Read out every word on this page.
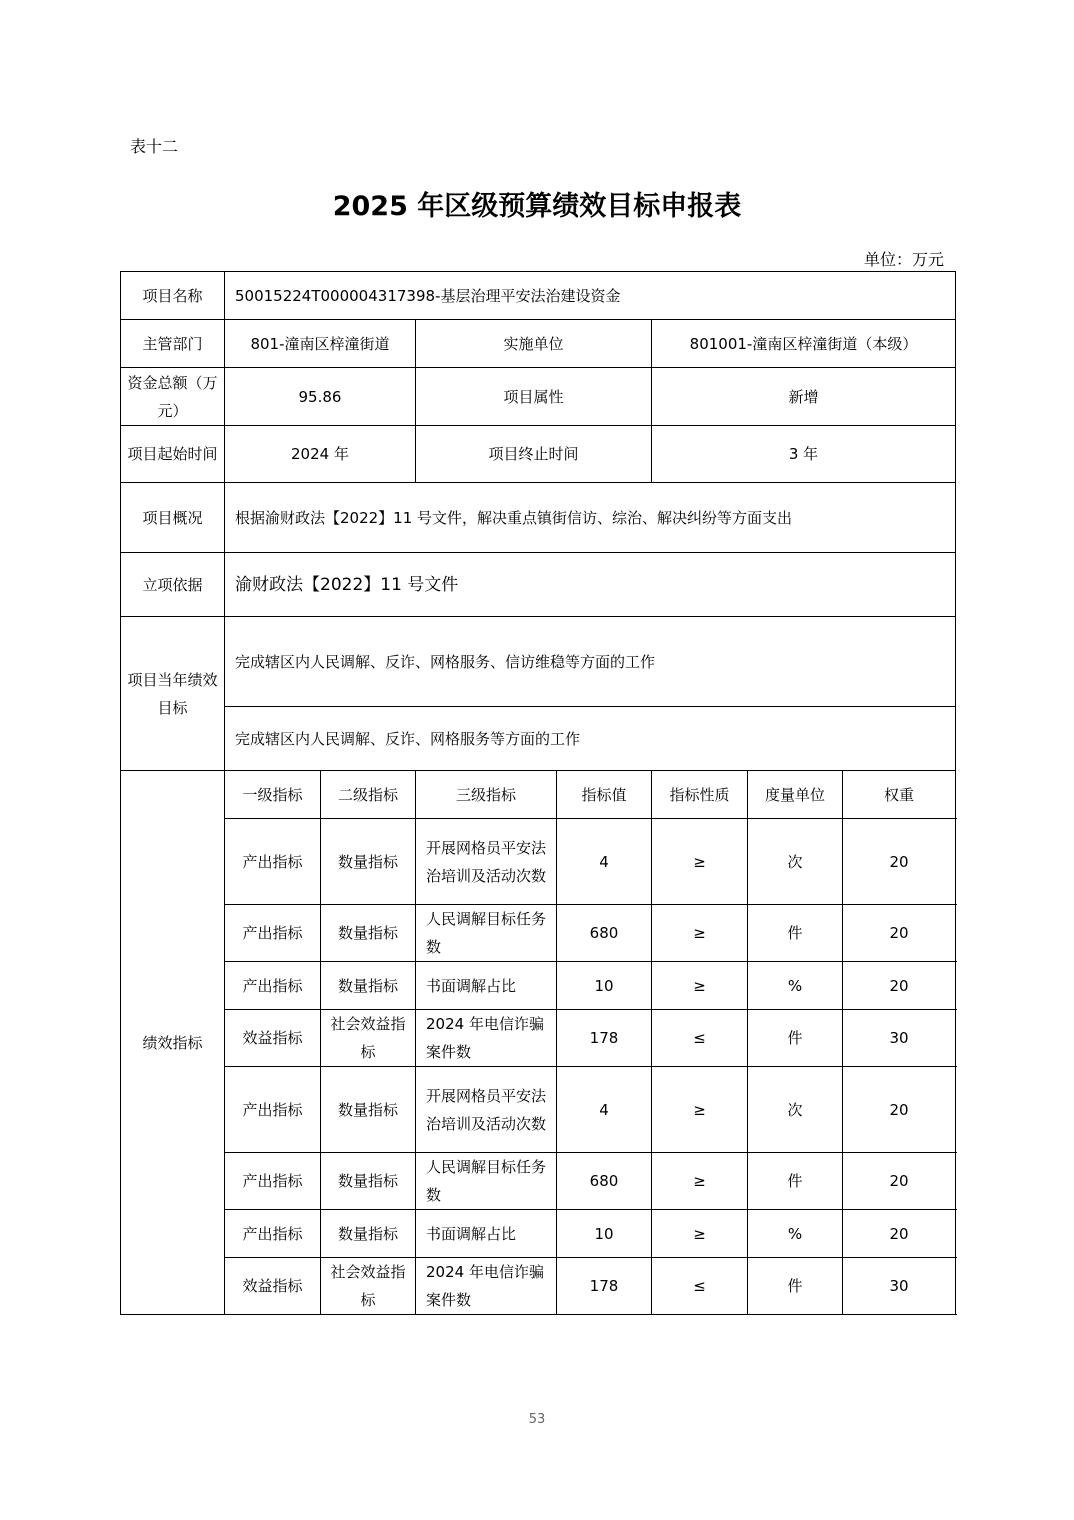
表十二
2025 年区级预算绩效目标申报表
单位：万元
项目名称	50015224T000004317398-基层治理平安法治建设资金						
主管部门	801-潼南区梓潼街道		实施单位		801001-潼南区梓潼街道（本级）		
资金总额（万元）	95.86		项目属性		新增		
项目起始时间	2024 年		项目终止时间		3 年		
项目概况	根据渝财政法【2022】11 号文件，解决重点镇街信访、综治、解决纠纷等方面支出						
立项依据	渝财政法【2022】11 号文件						
项目当年绩效目标	完成辖区内人民调解、反诈、网格服务、信访维稳等方面的工作						
	完成辖区内人民调解、反诈、网格服务等方面的工作						
绩效指标	一级指标	二级指标	三级指标	指标值	指标性质	度量单位	权重
	产出指标	数量指标	开展网格员平安法治培训及活动次数	4	≥	次	20
	产出指标	数量指标	人民调解目标任务数	680	≥	件	20
	产出指标	数量指标	书面调解占比	10	≥	%	20
	效益指标	社会效益指标	2024 年电信诈骗案件数	178	≤	件	30
	产出指标	数量指标	开展网格员平安法治培训及活动次数	4	≥	次	20
	产出指标	数量指标	人民调解目标任务数	680	≥	件	20
	产出指标	数量指标	书面调解占比	10	≥	%	20
	效益指标	社会效益指标	2024 年电信诈骗案件数	178	≤	件	30
53
